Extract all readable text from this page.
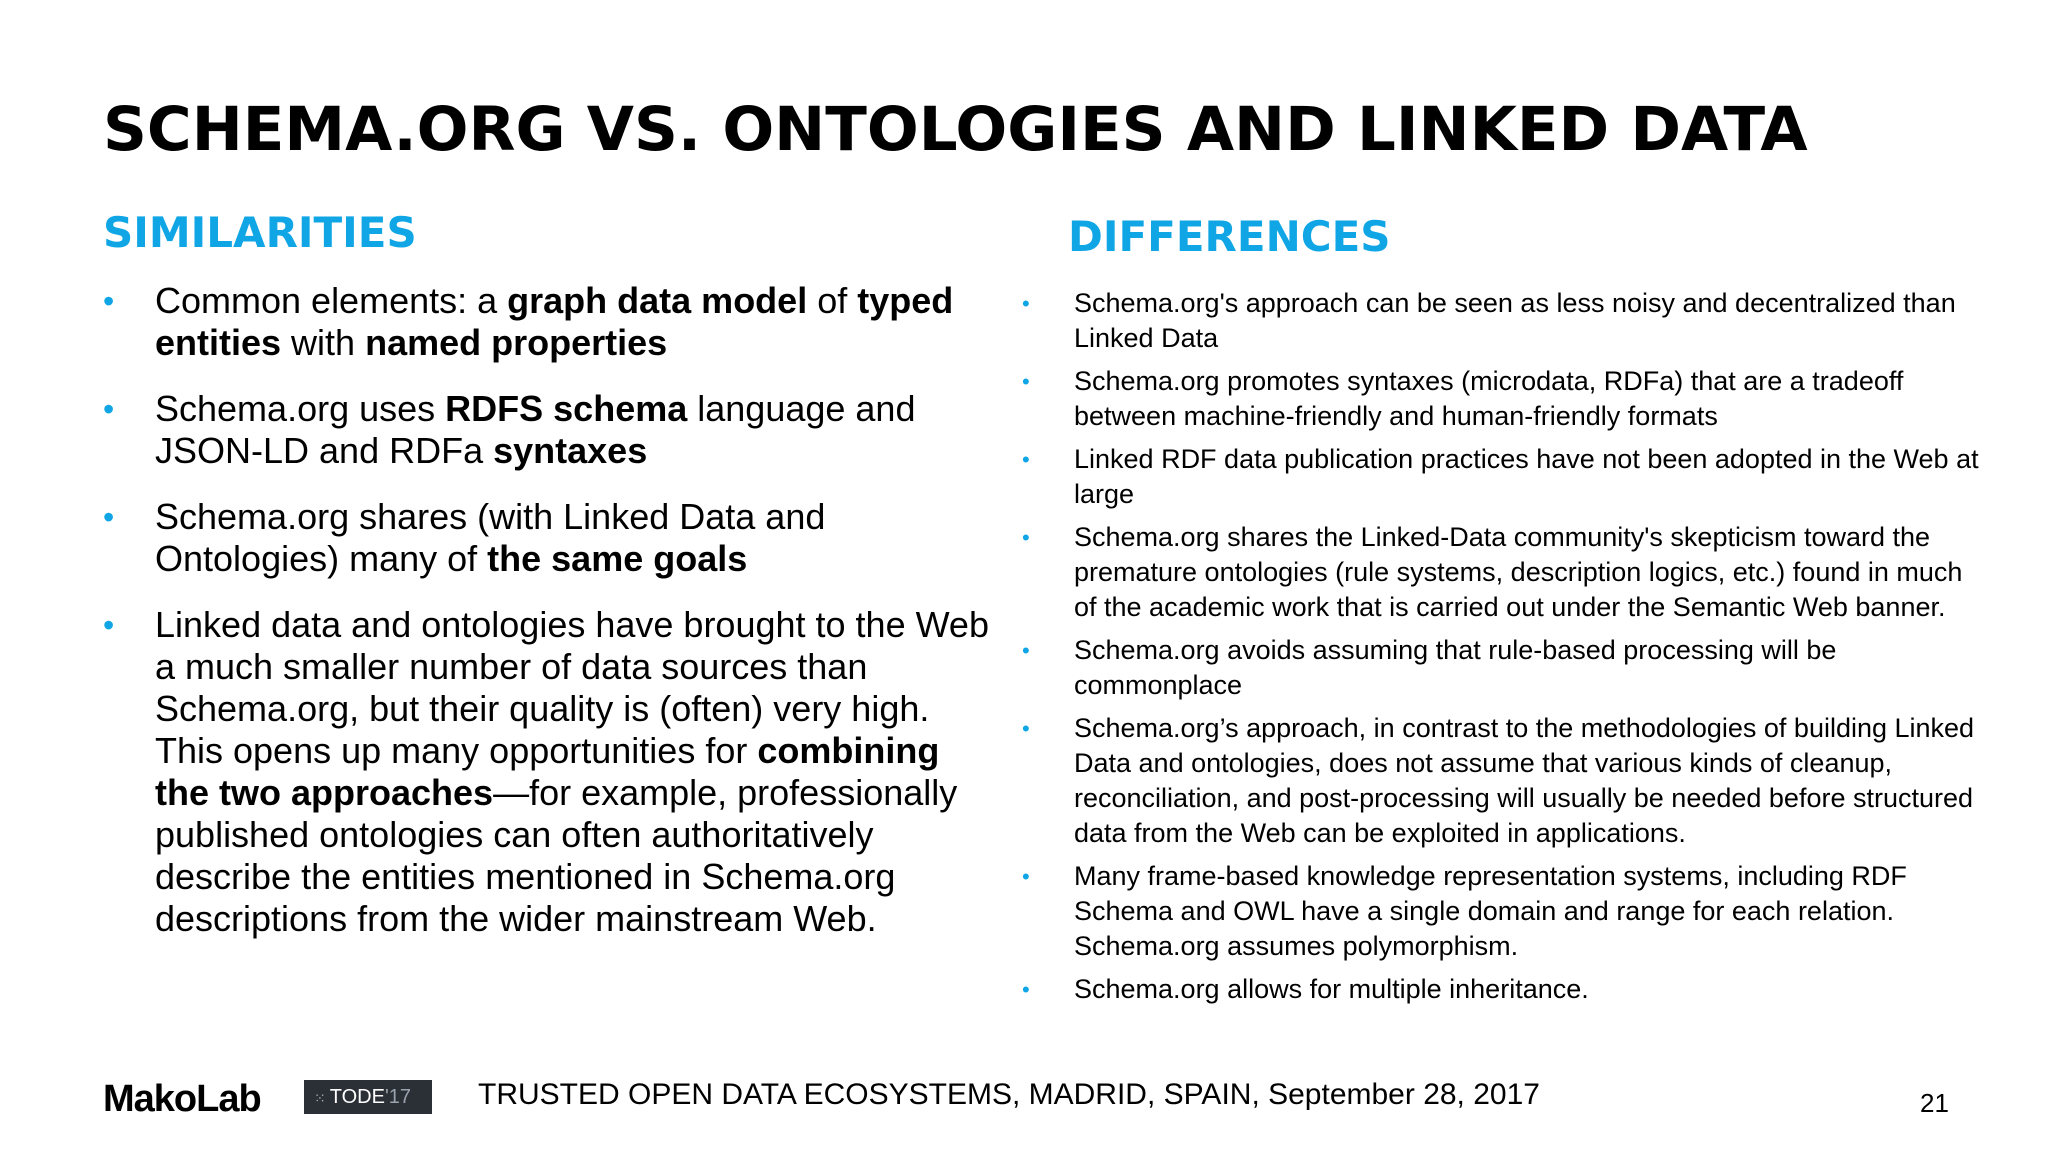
SCHEMA.ORG VS. ONTOLOGIES AND LINKED DATA
SIMILARITIES	DIFFERENCES
• Common elements: a graph data model of typed entities with named properties
• Schema.org uses RDFS schema language and JSON-LD and RDFa syntaxes
• Schema.org shares (with Linked Data and Ontologies) many of the same goals
• Linked data and ontologies have brought to the Web a much smaller number of data sources than Schema.org, but their quality is (often) very high. This opens up many opportunities for combining the two approaches—for example, professionally published ontologies can often authoritatively describe the entities mentioned in Schema.org descriptions from the wider mainstream Web.
• Schema.org's approach can be seen as less noisy and decentralized than Linked Data
• Schema.org promotes syntaxes (microdata, RDFa) that are a tradeoff between machine-friendly and human-friendly formats
• Linked RDF data publication practices have not been adopted in the Web at large
• Schema.org shares the Linked-Data community's skepticism toward the premature ontologies (rule systems, description logics, etc.) found in much of the academic work that is carried out under the Semantic Web banner.
• Schema.org avoids assuming that rule-based processing will be commonplace
• Schema.org’s approach, in contrast to the methodologies of building Linked Data and ontologies, does not assume that various kinds of cleanup, reconciliation, and post-processing will usually be needed before structured data from the Web can be exploited in applications.
• Many frame-based knowledge representation systems, including RDF Schema and OWL have a single domain and range for each relation. Schema.org assumes polymorphism.
• Schema.org allows for multiple inheritance.
MakoLab	⁙ TODE'17	TRUSTED OPEN DATA ECOSYSTEMS, MADRID, SPAIN, September 28, 2017	21
